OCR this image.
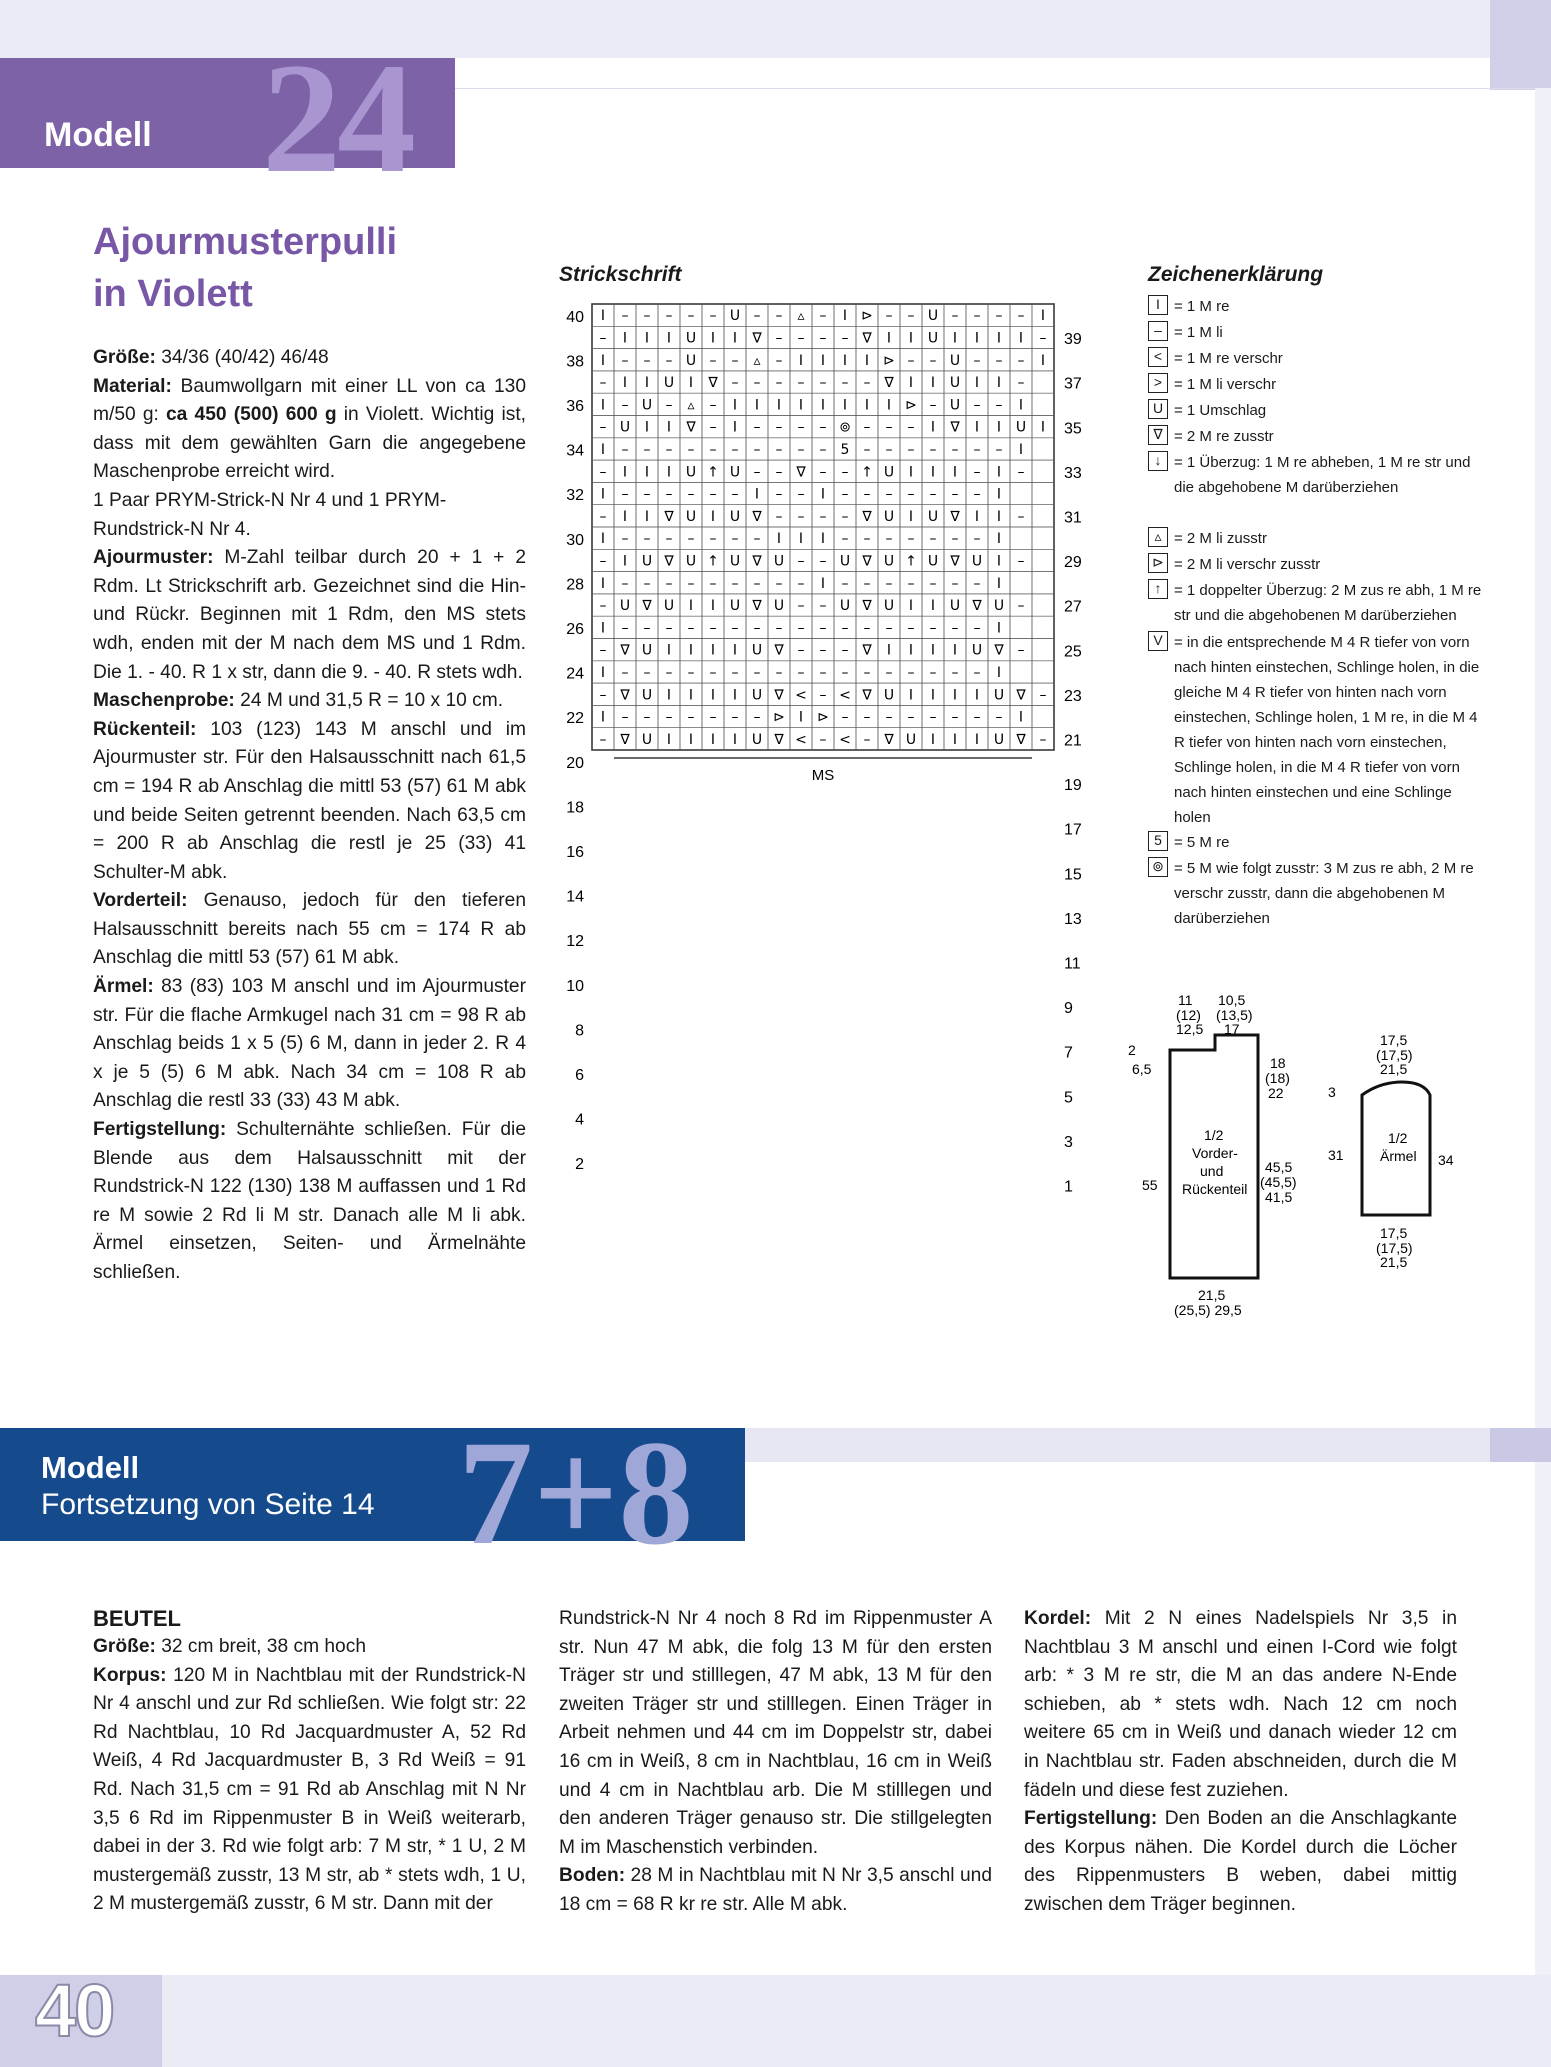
24
Modell
Ajourmusterpulli
in Violett

Größe: 34/36 (40/42) 46/48

Material: Baumwollgarn mit einer LL von ca 130 m/50 g: ca 450 (500) 600 g in Violett. Wichtig ist, dass mit dem gewählten Garn die angegebene Maschenprobe erreicht wird.

1 Paar PRYM-Strick-N Nr 4 und 1 PRYM-Rundstrick-N Nr 4.

Ajourmuster: M-Zahl teilbar durch 20 + 1 + 2 Rdm. Lt Strickschrift arb. Gezeichnet sind die Hin- und Rückr. Beginnen mit 1 Rdm, den MS stets wdh, enden mit der M nach dem MS und 1 Rdm. Die 1. - 40. R 1 x str, dann die 9. - 40. R stets wdh.

Maschenprobe: 24 M und 31,5 R = 10 x 10 cm.

Rückenteil: 103 (123) 143 M anschl und im Ajourmuster str. Für den Halsausschnitt nach 61,5 cm = 194 R ab Anschlag die mittl 53 (57) 61 M abk und beide Seiten getrennt beenden. Nach 63,5 cm = 200 R ab Anschlag die restl je 25 (33) 41 Schulter-M abk.

Vorderteil: Genauso, jedoch für den tieferen Halsausschnitt bereits nach 55 cm = 174 R ab Anschlag die mittl 53 (57) 61 M abk.

Ärmel: 83 (83) 103 M anschl und im Ajourmuster str. Für die flache Armkugel nach 31 cm = 98 R ab Anschlag beids 1 x 5 (5) 6 M, dann in jeder 2. R 4 x je 5 (5) 6 M abk. Nach 34 cm = 108 R ab Anschlag die restl 33 (33) 43 M abk.

Fertigstellung: Schulternähte schließen. Für die Blende aus dem Halsausschnitt mit der Rundstrick-N 122 (130) 138 M auffassen und 1 Rd re M sowie 2 Rd li M str. Danach alle M li abk. Ärmel einsetzen, Seiten- und Ärmelnähte schließen.

Strickschrift
I – – – – – U – – ▵ – I ⊳ – – U – – – – I
– I I I U I I ∇ – – – – ∇ I I U I I I I –
I – – – U – – ▵ – I I I I ⊳ – – U – – – I
– I I U I ∇ – – – – – – – ∇ I I U I I –
I – U – ▵ – I I I I I I I I ⊳ – U – – I
– U I I ∇ – I – – – – ⊚ – – – I ∇ I I U I
I – – – – – – – – – – 5 – – – – – – – I
– I I I U ↑ U – – ∇ – – ↑ U I I I – I –
I – – – – – – I – – I – – – – – – – I
– I I ∇ U I U ∇ – – – – ∇ U I U ∇ I I –
I – – – – – – – I I I – – – – – – – I
– I U ∇ U ↑ U ∇ U – – U ∇ U ↑ U ∇ U I –
I – – – – – – – – – I – – – – – – – I
– U ∇ U I I U ∇ U – – U ∇ U I I U ∇ U –
I – – – – – – – – – – – – – – – – – I
– ∇ U I I I I U ∇ – – – ∇ I I I I U ∇ –
I – – – – – – – – – – – – – – – – – I
– ∇ U I I I I U ∇ < – < ∇ U I I I I U ∇ –
I – – – – – – – ⊳ I ⊳ – – – – – – – – I
– ∇ U I I I I U ∇ < – < – ∇ U I I I U ∇ –
40
38
36
34
32
30
28
26
24
22
20
18
16
14
12
10
8
6
4
2
39
37
35
33
31
29
27
25
23
21
19
17
15
13
11
9
7
5
3
1
MS
Zeichenerklärung
I = 1 M re
– = 1 M li
< = 1 M re verschr
> = 1 M li verschr
U = 1 Umschlag
∇ = 2 M re zusstr
↓ = 1 Überzug: 1 M re abheben, 1 M re str und die abgehobene M darüberziehen
▵ = 2 M li zusstr
⊳ = 2 M li verschr zusstr
↑ = 1 doppelter Überzug: 2 M zus re abh, 1 M re str und die abgehobenen M darüberziehen
V = in die entsprechende M 4 R tiefer von vorn nach hinten einstechen, Schlinge holen, in die gleiche M 4 R tiefer von hinten nach vorn einstechen, Schlinge holen, 1 M re, in die M 4 R tiefer von hinten nach vorn einstechen, Schlinge holen, in die M 4 R tiefer von vorn nach hinten einstechen und eine Schlinge holen
5 = 5 M re
⊚ = 5 M wie folgt zusstr: 3 M zus re abh, 2 M re verschr zusstr, dann die abgehobenen M darüberziehen
11
(12)
12,5
10,5
(13,5)
17
2
6,5	18
(18)
22
1/2
Vorder-
und
Rückenteil
55
45,5
(45,5)
41,5
21,5
(25,5) 29,5
17,5
(17,5)
21,5
3
1/2
Ärmel
31	34
17,5
(17,5)
21,5
7+8
Modell
Fortsetzung von Seite 14

BEUTEL

Größe: 32 cm breit, 38 cm hoch

Korpus: 120 M in Nachtblau mit der Rundstrick-N Nr 4 anschl und zur Rd schließen. Wie folgt str: 22 Rd Nachtblau, 10 Rd Jacquardmuster A, 52 Rd Weiß, 4 Rd Jacquardmuster B, 3 Rd Weiß = 91 Rd. Nach 31,5 cm = 91 Rd ab Anschlag mit N Nr 3,5 6 Rd im Rippenmuster B in Weiß weiterarb, dabei in der 3. Rd wie folgt arb: 7 M str, * 1 U, 2 M mustergemäß zusstr, 13 M str, ab * stets wdh, 1 U, 2 M mustergemäß zusstr, 6 M str. Dann mit der

Rundstrick-N Nr 4 noch 8 Rd im Rippenmuster A str. Nun 47 M abk, die folg 13 M für den ersten Träger str und stilllegen, 47 M abk, 13 M für den zweiten Träger str und stilllegen. Einen Träger in Arbeit nehmen und 44 cm im Doppelstr str, dabei 16 cm in Weiß, 8 cm in Nachtblau, 16 cm in Weiß und 4 cm in Nachtblau arb. Die M stilllegen und den anderen Träger genauso str. Die stillgelegten M im Maschenstich verbinden.

Boden: 28 M in Nachtblau mit N Nr 3,5 anschl und 18 cm = 68 R kr re str. Alle M abk.

Kordel: Mit 2 N eines Nadelspiels Nr 3,5 in Nachtblau 3 M anschl und einen I-Cord wie folgt arb: * 3 M re str, die M an das andere N-Ende schieben, ab * stets wdh. Nach 12 cm noch weitere 65 cm in Weiß und danach wieder 12 cm in Nachtblau str. Faden abschneiden, durch die M fädeln und diese fest zuziehen.

Fertigstellung: Den Boden an die Anschlagkante des Korpus nähen. Die Kordel durch die Löcher des Rippenmusters B weben, dabei mittig zwischen dem Träger beginnen.

40
